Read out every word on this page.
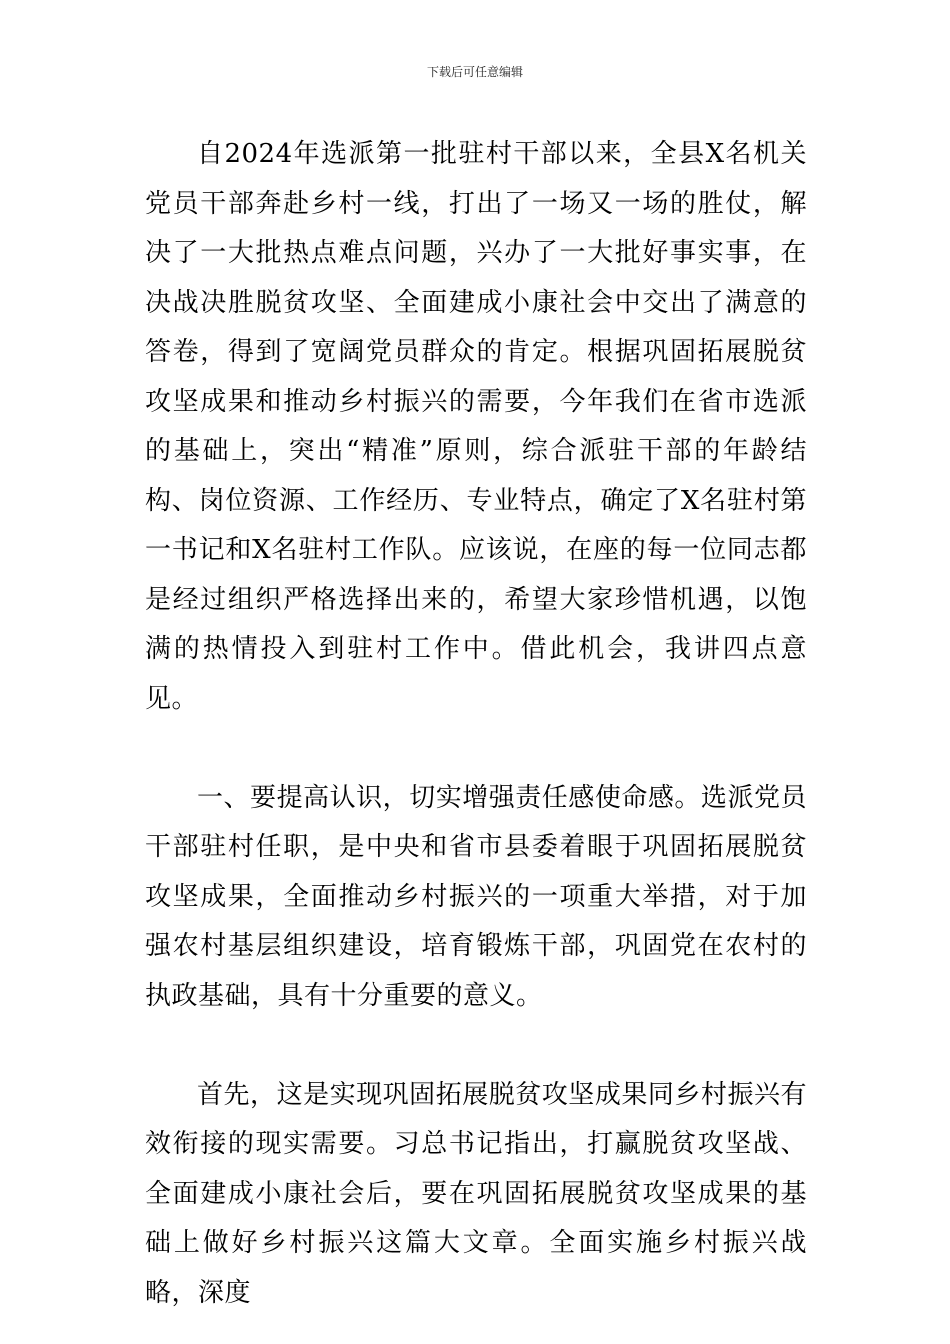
下载后可任意编辑

自2024年选派第一批驻村干部以来，全县X名机关党员干部奔赴乡村一线，打出了一场又一场的胜仗，解决了一大批热点难点问题，兴办了一大批好事实事，在决战决胜脱贫攻坚、全面建成小康社会中交出了满意的答卷，得到了宽阔党员群众的肯定。根据巩固拓展脱贫攻坚成果和推动乡村振兴的需要，今年我们在省市选派的基础上，突出“精准”原则，综合派驻干部的年龄结构、岗位资源、工作经历、专业特点，确定了X名驻村第一书记和X名驻村工作队。应该说，在座的每一位同志都是经过组织严格选择出来的，希望大家珍惜机遇，以饱满的热情投入到驻村工作中。借此机会，我讲四点意见。

一、要提高认识，切实增强责任感使命感。选派党员干部驻村任职，是中央和省市县委着眼于巩固拓展脱贫攻坚成果，全面推动乡村振兴的一项重大举措，对于加强农村基层组织建设，培育锻炼干部，巩固党在农村的执政基础，具有十分重要的意义。

首先，这是实现巩固拓展脱贫攻坚成果同乡村振兴有效衔接的现实需要。习总书记指出，打赢脱贫攻坚战、全面建成小康社会后，要在巩固拓展脱贫攻坚成果的基础上做好乡村振兴这篇大文章。全面实施乡村振兴战略，深度
